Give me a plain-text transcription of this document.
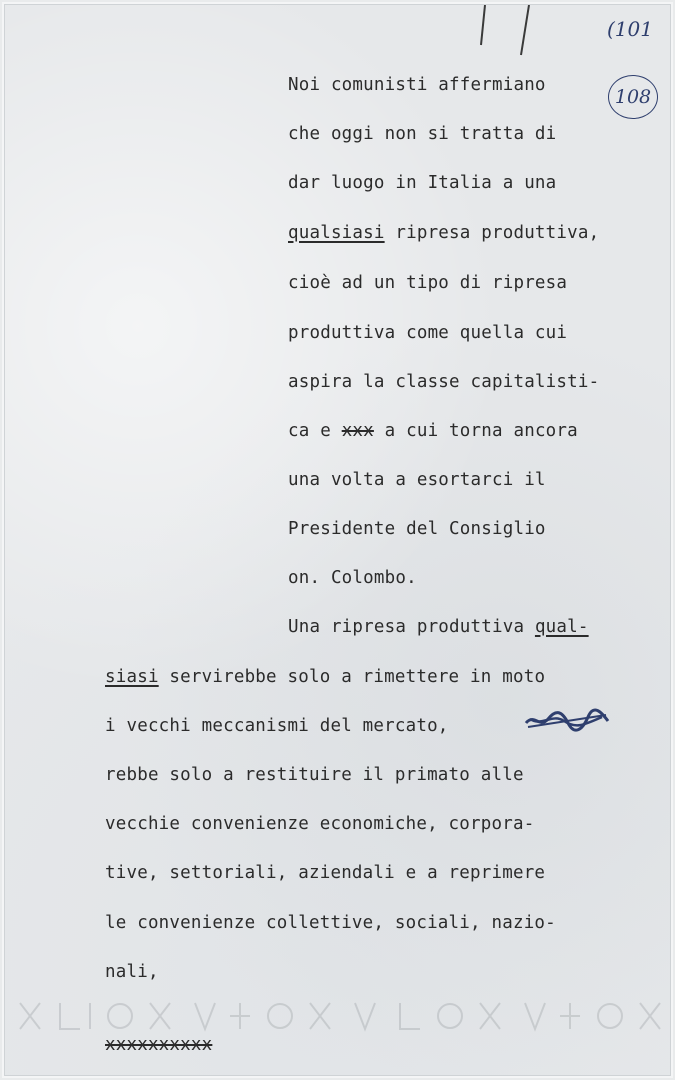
(101
108
Noi comunisti affermiano
che oggi non si tratta di
dar luogo in Italia a una
qualsiasi ripresa produttiva,
cioè ad un tipo di ripresa
produttiva come quella cui
aspira la classe capitalisti-
ca e xxx a cui torna ancora
una volta a esortarci il
Presidente del Consiglio
on. Colombo.
Una ripresa produttiva qual-
siasi servirebbe solo a rimettere in moto
i vecchi meccanismi del mercato,
rebbe solo a restituire il primato alle
vecchie convenienze economiche, corpora-
tive, settoriali, aziendali e a reprimere
le convenienze collettive, sociali, nazio-
nali,
xxxxxxxxxx
